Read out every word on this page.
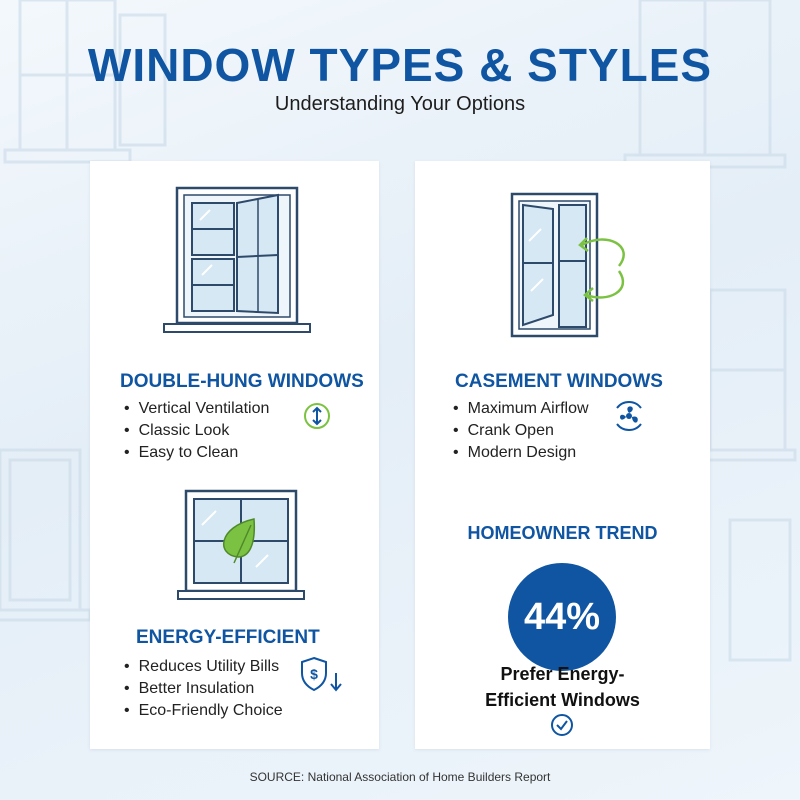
WINDOW TYPES & STYLES
Understanding Your Options
DOUBLE-HUNG WINDOWS
• Vertical Ventilation
• Classic Look
• Easy to Clean
ENERGY-EFFICIENT
• Reduces Utility Bills
• Better Insulation
• Eco-Friendly Choice
$
CASEMENT WINDOWS
• Maximum Airflow
• Crank Open
• Modern Design
HOMEOWNER TREND
44%
Prefer Energy-Efficient Windows
SOURCE: National Association of Home Builders Report
